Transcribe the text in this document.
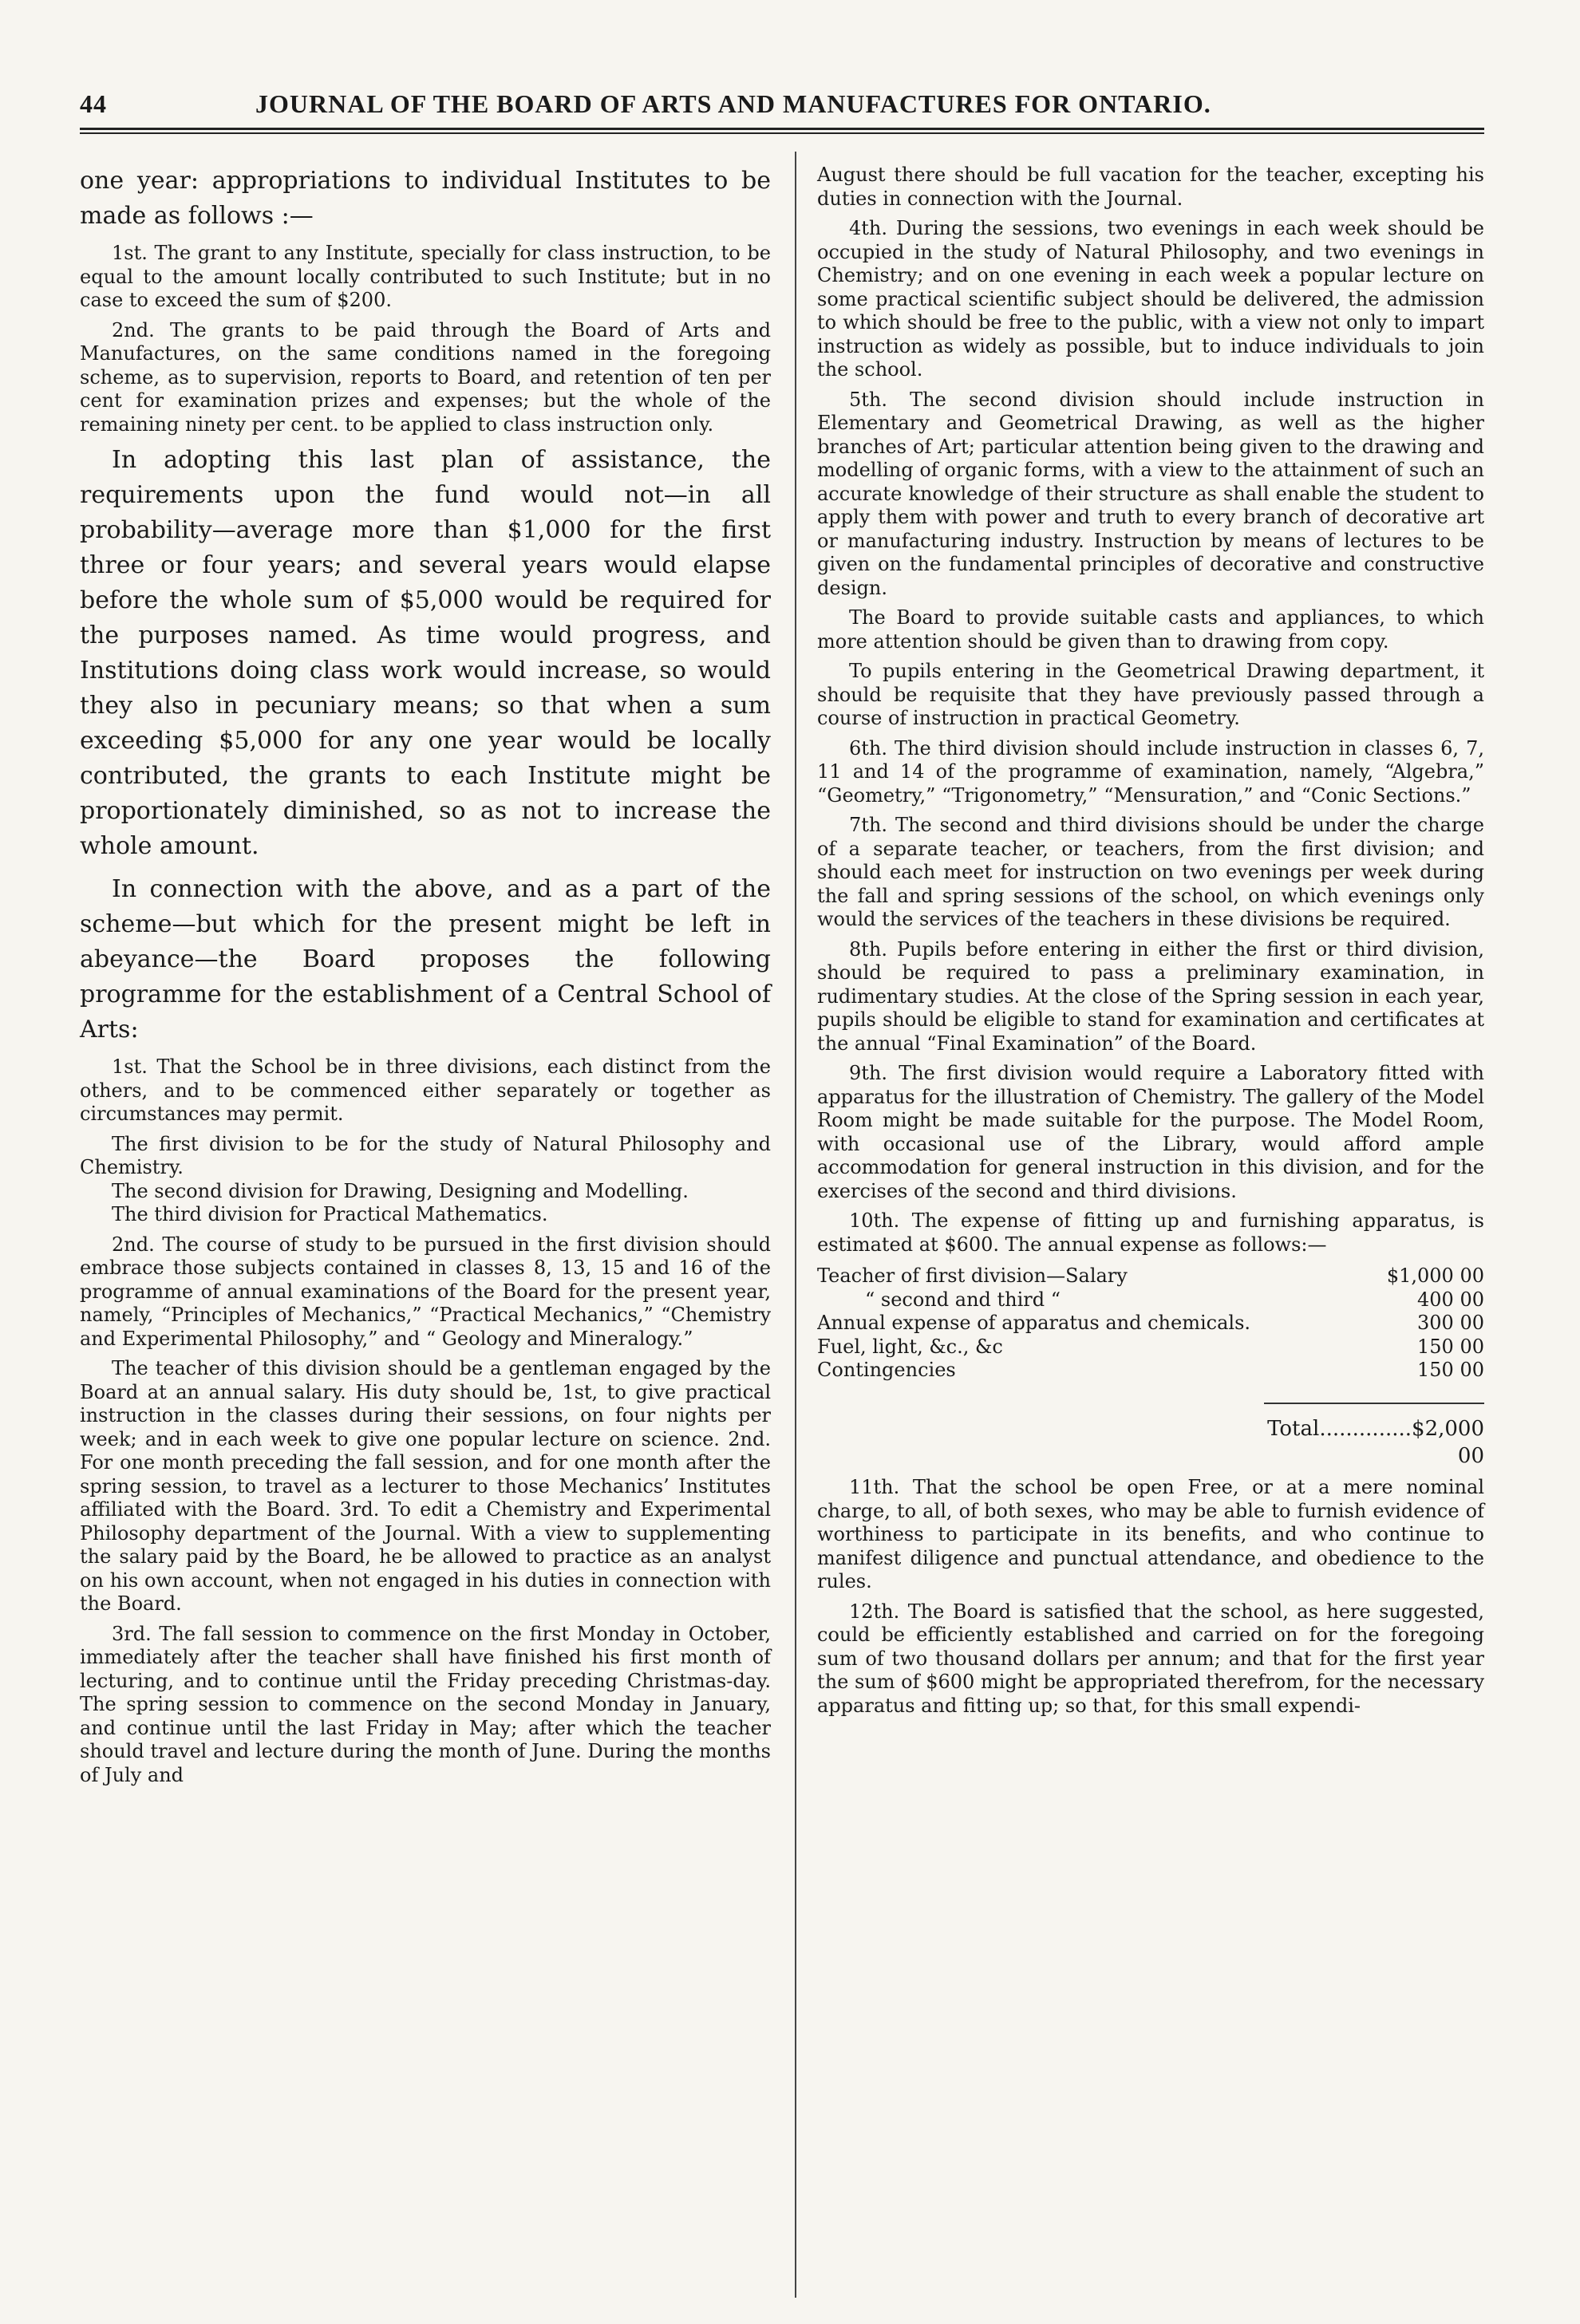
44	JOURNAL OF THE BOARD OF ARTS AND MANUFACTURES FOR ONTARIO.

one year: appropriations to individual Institutes to be made as follows :—

1st. The grant to any Institute, specially for class instruction, to be equal to the amount locally contributed to such Institute; but in no case to exceed the sum of $200.

2nd. The grants to be paid through the Board of Arts and Manufactures, on the same conditions named in the foregoing scheme, as to supervision, reports to Board, and retention of ten per cent for examination prizes and expenses; but the whole of the remaining ninety per cent. to be applied to class instruction only.

In adopting this last plan of assistance, the requirements upon the fund would not—in all probability—average more than $1,000 for the first three or four years; and several years would elapse before the whole sum of $5,000 would be required for the purposes named. As time would progress, and Institutions doing class work would increase, so would they also in pecuniary means; so that when a sum exceeding $5,000 for any one year would be locally contributed, the grants to each Institute might be proportionately diminished, so as not to increase the whole amount.

In connection with the above, and as a part of the scheme—but which for the present might be left in abeyance—the Board proposes the following programme for the establishment of a Central School of Arts:

1st. That the School be in three divisions, each distinct from the others, and to be commenced either separately or together as circumstances may permit.

The first division to be for the study of Natural Philosophy and Chemistry.

The second division for Drawing, Designing and Modelling.

The third division for Practical Mathematics.

2nd. The course of study to be pursued in the first division should embrace those subjects contained in classes 8, 13, 15 and 16 of the programme of annual examinations of the Board for the present year, namely, “Principles of Mechanics,” “Practical Mechanics,” “Chemistry and Experimental Philosophy,” and “ Geology and Mineralogy.”

The teacher of this division should be a gentleman engaged by the Board at an annual salary. His duty should be, 1st, to give practical instruction in the classes during their sessions, on four nights per week; and in each week to give one popular lecture on science. 2nd. For one month preceding the fall session, and for one month after the spring session, to travel as a lecturer to those Mechanics’ Institutes affiliated with the Board. 3rd. To edit a Chemistry and Experimental Philosophy department of the Journal. With a view to supplementing the salary paid by the Board, he be allowed to practice as an analyst on his own account, when not engaged in his duties in connection with the Board.

3rd. The fall session to commence on the first Monday in October, immediately after the teacher shall have finished his first month of lecturing, and to continue until the Friday preceding Christmas-day. The spring session to commence on the second Monday in January, and continue until the last Friday in May; after which the teacher should travel and lecture during the month of June. During the months of July and

August there should be full vacation for the teacher, excepting his duties in connection with the Journal.

4th. During the sessions, two evenings in each week should be occupied in the study of Natural Philosophy, and two evenings in Chemistry; and on one evening in each week a popular lecture on some practical scientific subject should be delivered, the admission to which should be free to the public, with a view not only to impart instruction as widely as possible, but to induce individuals to join the school.

5th. The second division should include instruction in Elementary and Geometrical Drawing, as well as the higher branches of Art; particular attention being given to the drawing and modelling of organic forms, with a view to the attainment of such an accurate knowledge of their structure as shall enable the student to apply them with power and truth to every branch of decorative art or manufacturing industry. Instruction by means of lectures to be given on the fundamental principles of decorative and constructive design.

The Board to provide suitable casts and appliances, to which more attention should be given than to drawing from copy.

To pupils entering in the Geometrical Drawing department, it should be requisite that they have previously passed through a course of instruction in practical Geometry.

6th. The third division should include instruction in classes 6, 7, 11 and 14 of the programme of examination, namely, “Algebra,” “Geometry,” “Trigonometry,” “Mensuration,” and “Conic Sections.”

7th. The second and third divisions should be under the charge of a separate teacher, or teachers, from the first division; and should each meet for instruction on two evenings per week during the fall and spring sessions of the school, on which evenings only would the services of the teachers in these divisions be required.

8th. Pupils before entering in either the first or third division, should be required to pass a preliminary examination, in rudimentary studies. At the close of the Spring session in each year, pupils should be eligible to stand for examination and certificates at the annual “Final Examination” of the Board.

9th. The first division would require a Laboratory fitted with apparatus for the illustration of Chemistry. The gallery of the Model Room might be made suitable for the purpose. The Model Room, with occasional use of the Library, would afford ample accommodation for general instruction in this division, and for the exercises of the second and third divisions.

10th. The expense of fitting up and furnishing apparatus, is estimated at $600. The annual expense as follows:—

Teacher of first division—Salary		$1,000 00
“ second and third “		400 00
Annual expense of apparatus and chemicals.		300 00
Fuel, light, &c., &c		150 00
Contingencies		150 00
Total..............$2,000 00

11th. That the school be open Free, or at a mere nominal charge, to all, of both sexes, who may be able to furnish evidence of worthiness to participate in its benefits, and who continue to manifest diligence and punctual attendance, and obedience to the rules.

12th. The Board is satisfied that the school, as here suggested, could be efficiently established and carried on for the foregoing sum of two thousand dollars per annum; and that for the first year the sum of $600 might be appropriated therefrom, for the necessary apparatus and fitting up; so that, for this small expendi-
